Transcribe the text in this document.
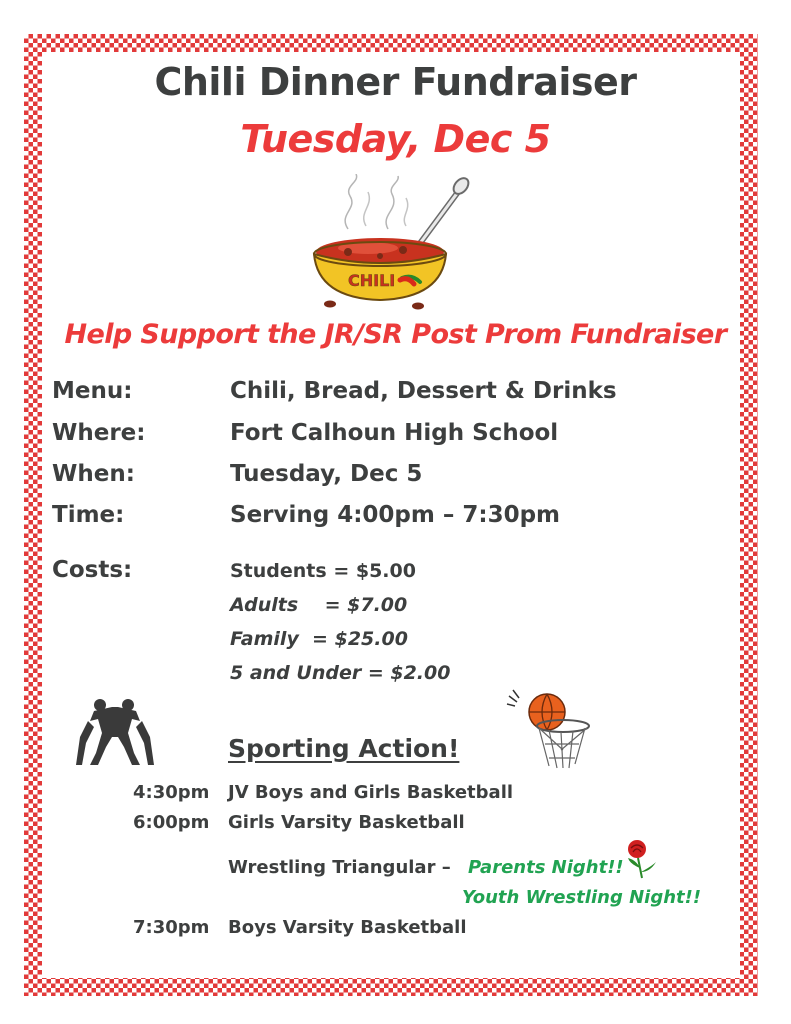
Chili Dinner Fundraiser
Tuesday, Dec 5
CHILI
Help Support the JR/SR Post Prom Fundraiser
Menu:	Chili, Bread, Dessert & Drinks
Where:	Fort Calhoun High School
When:	Tuesday, Dec 5
Time:	Serving 4:00pm – 7:30pm
Costs:	Students = $5.00
Adults    = $7.00
Family  = $25.00
5 and Under = $2.00
Sporting Action!
4:30pm JV Boys and Girls Basketball
6:00pm Girls Varsity Basketball
Wrestling Triangular – Parents Night!!
Youth Wrestling Night!!
7:30pm Boys Varsity Basketball
